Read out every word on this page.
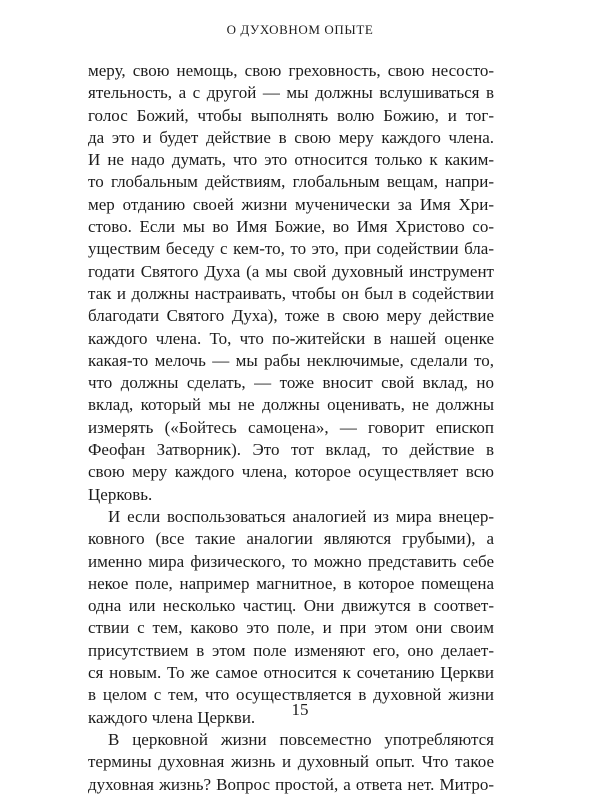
О ДУХОВНОМ ОПЫТЕ
меру, свою немощь, свою греховность, свою несосто-
ятельность, а с другой — мы должны вслушиваться в
голос Божий, чтобы выполнять волю Божию, и тог-
да это и будет действие в свою меру каждого члена.
И не надо думать, что это относится только к каким-
то глобальным действиям, глобальным вещам, напри-
мер отданию своей жизни мученически за Имя Хри-
стово. Если мы во Имя Божие, во Имя Христово со-
уществим беседу с кем-то, то это, при содействии бла-
годати Святого Духа (а мы свой духовный инструмент
так и должны настраивать, чтобы он был в содействии
благодати Святого Духа), тоже в свою меру действие
каждого члена. То, что по-житейски в нашей оценке
какая-то мелочь — мы рабы неключимые, сделали то,
что должны сделать, — тоже вносит свой вклад, но
вклад, который мы не должны оценивать, не должны
измерять («Бойтесь самоцена», — говорит епископ
Феофан Затворник). Это тот вклад, то действие в
свою меру каждого члена, которое осуществляет всю
Церковь.
И если воспользоваться аналогией из мира внецер-
ковного (все такие аналогии являются грубыми), а
именно мира физического, то можно представить себе
некое поле, например магнитное, в которое помещена
одна или несколько частиц. Они движутся в соответ-
ствии с тем, каково это поле, и при этом они своим
присутствием в этом поле изменяют его, оно делает-
ся новым. То же самое относится к сочетанию Церкви
в целом с тем, что осуществляется в духовной жизни
каждого члена Церкви.
В церковной жизни повсеместно употребляются
термины духовная жизнь и духовный опыт. Что такое
духовная жизнь? Вопрос простой, а ответа нет. Митро-
15
